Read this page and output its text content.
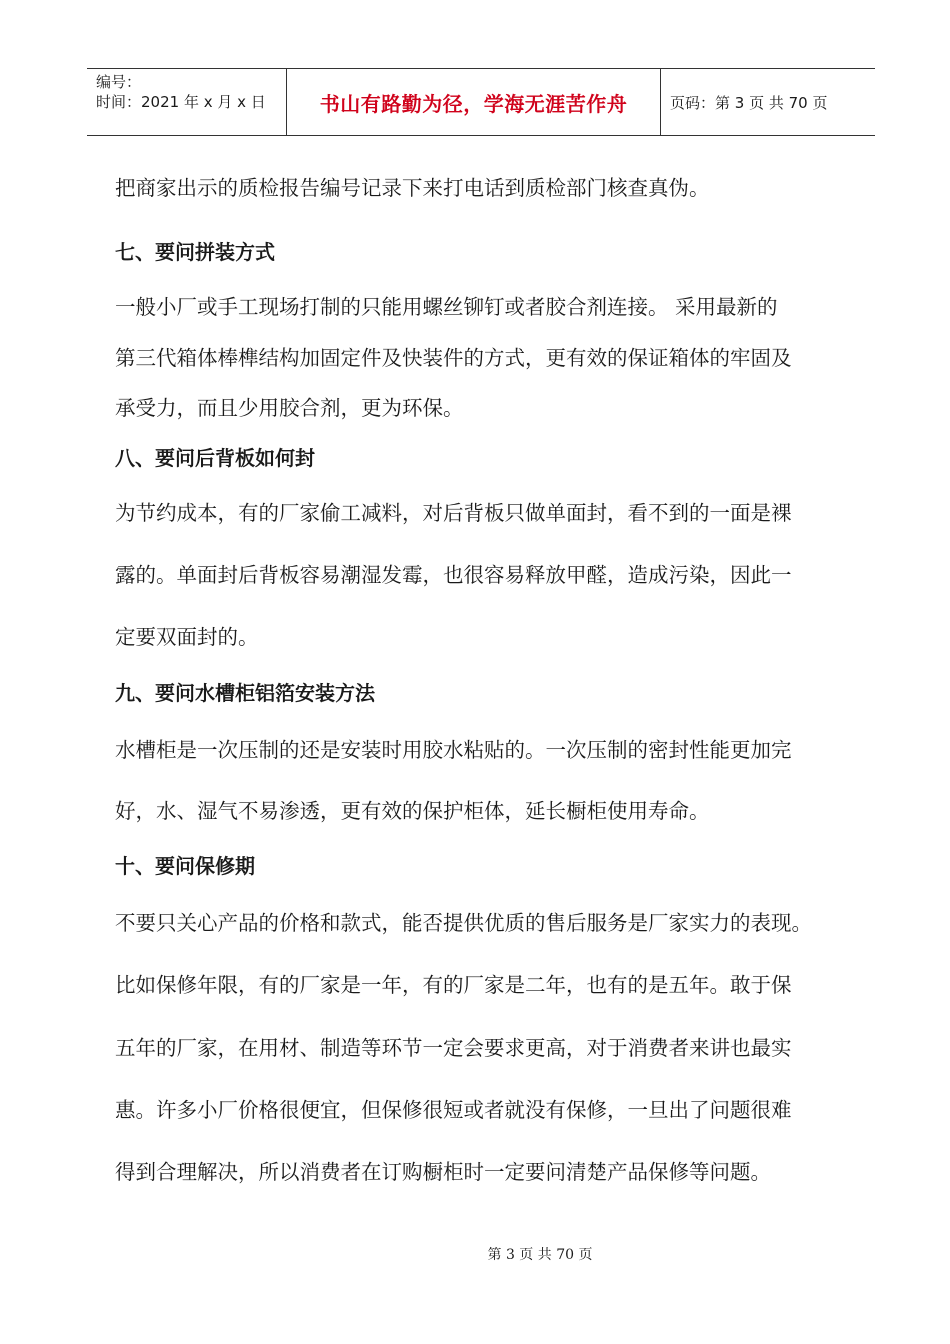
编号：
时间：2021 年 x 月 x 日	书山有路勤为径，学海无涯苦作舟	页码：第 3 页 共 70 页

把商家出示的质检报告编号记录下来打电话到质检部门核查真伪。

七、要问拼装方式

一般小厂或手工现场打制的只能用螺丝铆钉或者胶合剂连接。 采用最新的

第三代箱体棒榫结构加固定件及快装件的方式，更有效的保证箱体的牢固及

承受力，而且少用胶合剂，更为环保。

八、要问后背板如何封

为节约成本，有的厂家偷工减料，对后背板只做单面封，看不到的一面是裸

露的。单面封后背板容易潮湿发霉，也很容易释放甲醛，造成污染，因此一

定要双面封的。

九、要问水槽柜铝箔安装方法

水槽柜是一次压制的还是安装时用胶水粘贴的。一次压制的密封性能更加完

好，水、湿气不易渗透，更有效的保护柜体，延长橱柜使用寿命。

十、要问保修期

不要只关心产品的价格和款式，能否提供优质的售后服务是厂家实力的表现。

比如保修年限，有的厂家是一年，有的厂家是二年，也有的是五年。敢于保

五年的厂家，在用材、制造等环节一定会要求更高，对于消费者来讲也最实

惠。许多小厂价格很便宜，但保修很短或者就没有保修，一旦出了问题很难

得到合理解决，所以消费者在订购橱柜时一定要问清楚产品保修等问题。

第 3 页 共 70 页
